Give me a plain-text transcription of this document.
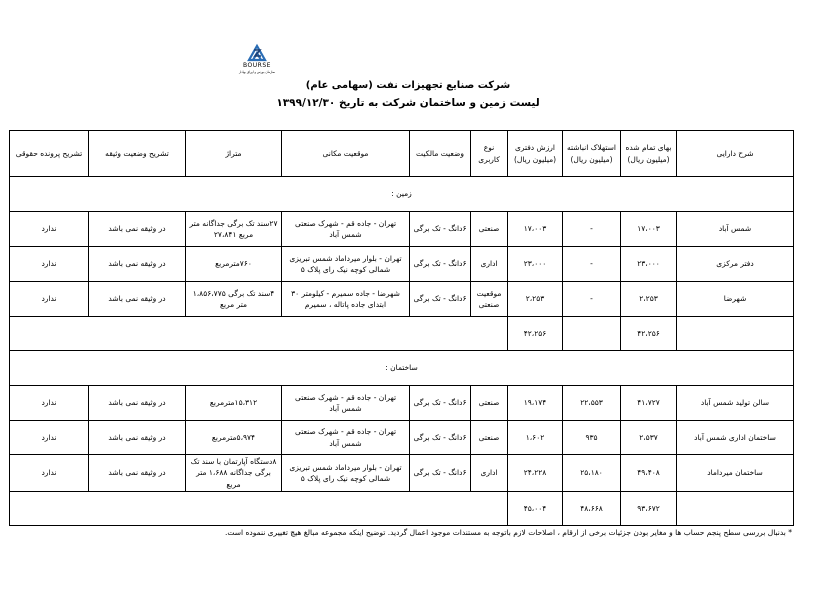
BOURSE
سازمان بورس و اوراق بهادار
شرکت صنایع تجهیزات نفت (سهامی عام)
لیست زمین و ساختمان شرکت به تاریخ ۱۳۹۹/۱۲/۳۰
شرح دارایی	بهای تمام شده (میلیون ریال)	استهلاک انباشته (میلیون ریال)	ارزش دفتری (میلیون ریال)	نوع کاربری	وضعیت مالکیت	موقعیت مکانی	متراژ	تشریح وضعیت وثیقه	تشریح پرونده حقوقی
زمین :									
شمس آباد	۱۷،۰۰۳	-	۱۷،۰۰۳	صنعتی	۶دانگ - تک برگی	تهران - جاده قم - شهرک صنعتی شمس آباد	۲۷سند تک برگی جداگانه متر مربع ۲۷،۸۴۱	در وثیقه نمی باشد	ندارد
دفتر مرکزی	۲۳،۰۰۰	-	۲۳،۰۰۰	اداری	۶دانگ - تک برگی	تهران - بلوار میرداماد شمس تبریزی شمالی کوچه نیک رای پلاک ۵	۷۶۰مترمربع	در وثیقه نمی باشد	ندارد
شهرضا	۲،۲۵۳	-	۲،۲۵۳	موقعیت صنعتی	۶دانگ - تک برگی	شهرضا - جاده سمیرم - کیلومتر ۳۰ ابتدای جاده پاتاله ، سمیرم	۴سند تک برگی ۱،۸۵۶،۷۷۵ متر مربع	در وثیقه نمی باشد	ندارد
	۴۲،۲۵۶		۴۲،۲۵۶						
ساختمان :									
سالن تولید شمس آباد	۴۱،۷۲۷	۲۲،۵۵۳	۱۹،۱۷۴	صنعتی	۶دانگ - تک برگی	تهران - جاده قم - شهرک صنعتی شمس آباد	۱۵،۳۱۲مترمربع	در وثیقه نمی باشد	ندارد
ساختمان اداری شمس آباد	۲،۵۳۷	۹۳۵	۱،۶۰۲	صنعتی	۶دانگ - تک برگی	تهران - جاده قم - شهرک صنعتی شمس آباد	۵،۹۷۴مترمربع	در وثیقه نمی باشد	ندارد
ساختمان میرداماد	۴۹،۴۰۸	۲۵،۱۸۰	۲۴،۲۲۸	اداری	۶دانگ - تک برگی	تهران - بلوار میرداماد شمس تبریزی شمالی کوچه نیک رای پلاک ۵	۸دستگاه آپارتمان با سند تک برگی جداگانه ۱،۶۸۸ متر مربع	در وثیقه نمی باشد	ندارد
	۹۳،۶۷۲	۴۸،۶۶۸	۴۵،۰۰۴						
* بدنبال بررسی سطح پنجم حساب ها و مغایر بودن جزئیات برخی از ارقام ، اصلاحات لازم باتوجه به مستندات موجود اعمال گردید. توضیح اینکه مجموعه مبالغ هیچ تغییری ننموده است.
